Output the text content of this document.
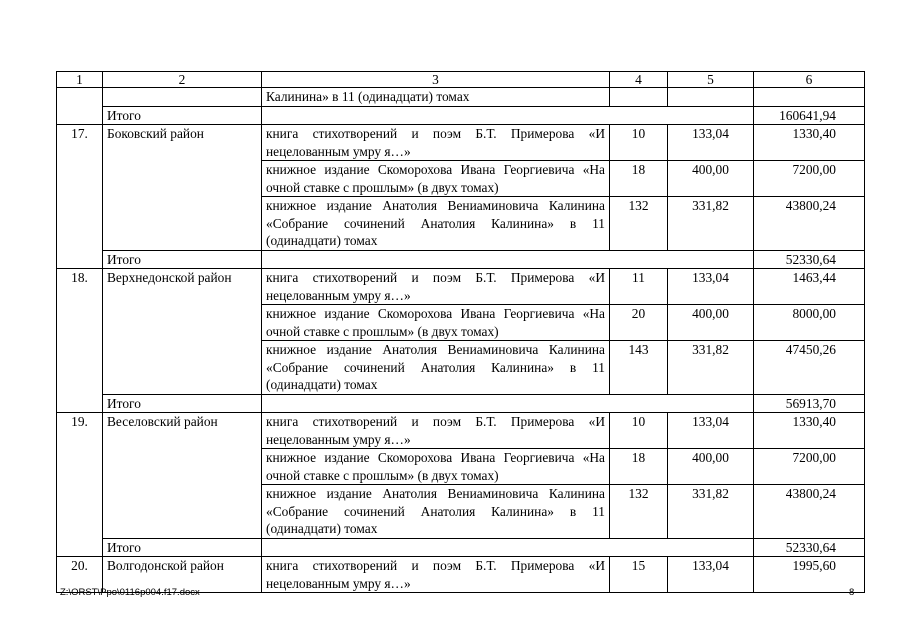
1	2	3	4	5	6
		Калинина» в 11 (одинадцати) томах			
	Итого				160641,94
17.	Боковский район	книга стихотворений и поэм Б.Т. Примерова «И нецелованным умру я…»	10	133,04	1330,40
		книжное издание Скоморохова Ивана Георгиевича «На очной ставке с прошлым» (в двух томах)	18	400,00	7200,00
		книжное издание Анатолия Вениаминовича Калинина «Собрание сочинений Анатолия Калинина» в 11 (одинадцати) томах	132	331,82	43800,24
	Итого				52330,64
18.	Верхнедонской район	книга стихотворений и поэм Б.Т. Примерова «И нецелованным умру я…»	11	133,04	1463,44
		книжное издание Скоморохова Ивана Георгиевича «На очной ставке с прошлым» (в двух томах)	20	400,00	8000,00
		книжное издание Анатолия Вениаминовича Калинина «Собрание сочинений Анатолия Калинина» в 11 (одинадцати) томах	143	331,82	47450,26
	Итого				56913,70
19.	Веселовский район	книга стихотворений и поэм Б.Т. Примерова «И нецелованным умру я…»	10	133,04	1330,40
		книжное издание Скоморохова Ивана Георгиевича «На очной ставке с прошлым» (в двух томах)	18	400,00	7200,00
		книжное издание Анатолия Вениаминовича Калинина «Собрание сочинений Анатолия Калинина» в 11 (одинадцати) томах	132	331,82	43800,24
	Итого				52330,64
20.	Волгодонской район	книга стихотворений и поэм Б.Т. Примерова «И нецелованным умру я…»	15	133,04	1995,60
Z:\ORST\Ppo\0116p004.f17.docx	8
